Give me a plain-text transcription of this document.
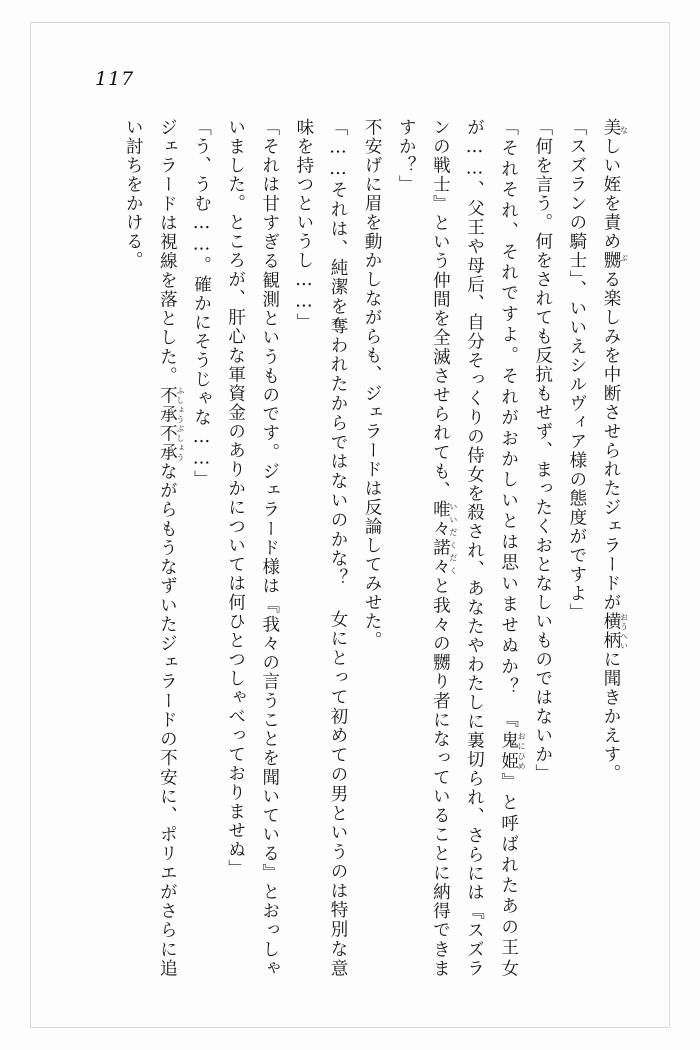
117

美しい姪を責め嬲なぶる楽しみを中断させられたジェラードが横柄おうへいに聞きかえす。

「スズランの騎士」、いいえシルヴィア様の態度がですよ」

「何を言う。何をされても反抗もせず、まったくおとなしいものではないか」

「それそれ、それですよ。それがおかしいとは思いませぬか？　『鬼姫おにひめ』と呼ばれたあの王女が……、父王や母后、自分そっくりの侍女を殺され、あなたやわたしに裏切られ、さらには『スズランの戦士』という仲間を全滅させられても、唯々諾々いいだくだくと我々の嬲り者になっていることに納得できますか？」

不安げに眉を動かしながらも、ジェラードは反論してみせた。

「……それは、純潔を奪われたからではないのかな？ 女にとって初めての男というのは特別な意味を持つというし……」

「それは甘すぎる観測というものです。ジェラード様は『我々の言うことを聞いている』とおっしゃいました。ところが、肝心な軍資金のありかについては何ひとつしゃべっておりませぬ」

「う、うむ……。確かにそうじゃな……」

ジェラードは視線を落とした。不承不承ふしょうぶしょうながらもうなずいたジェラードの不安に、ポリエがさらに追い討ちをかける。
